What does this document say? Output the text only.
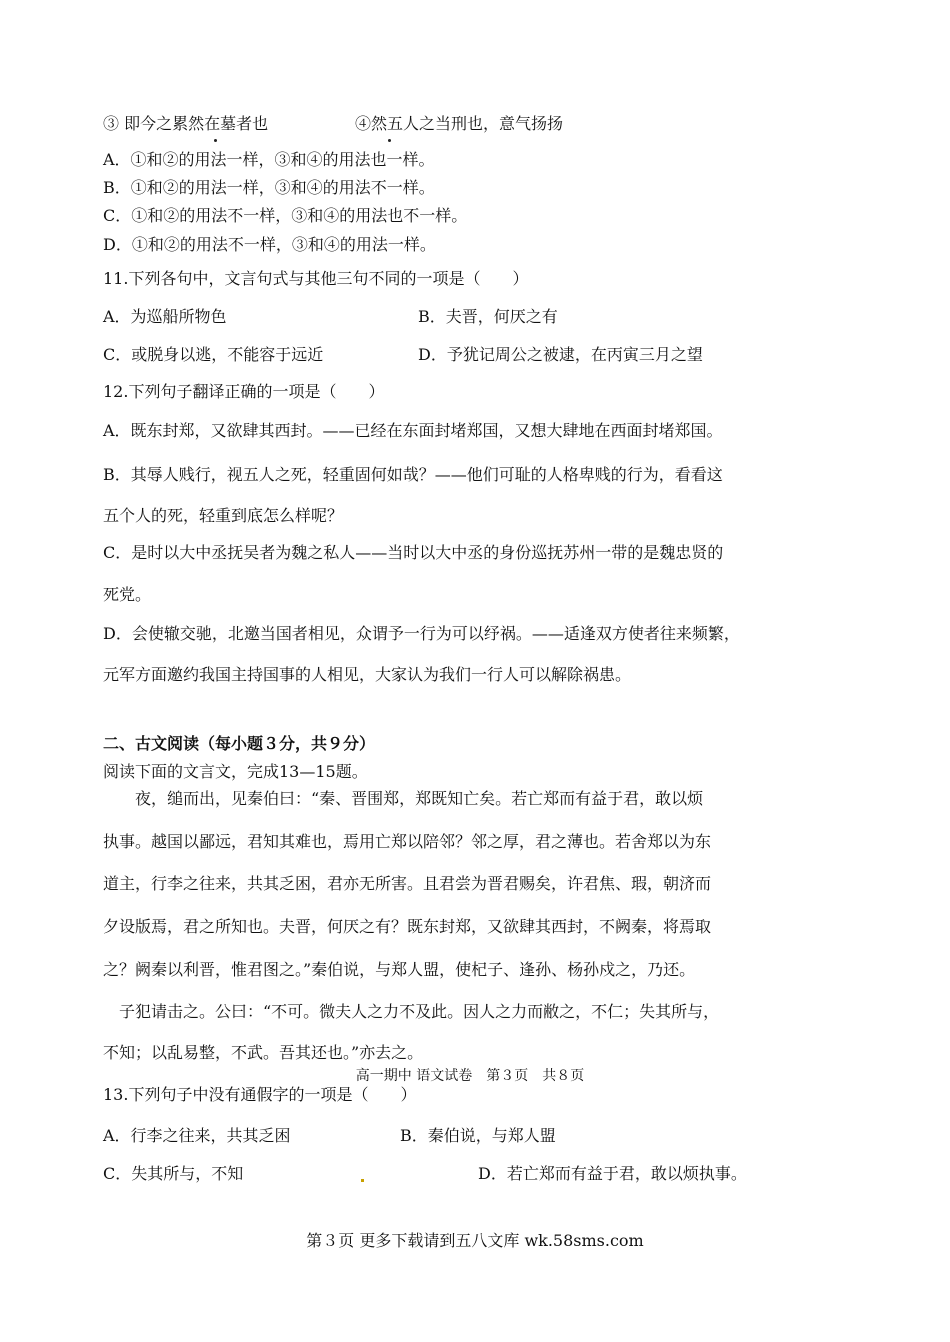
③ 即今之累然在墓者也	④然五人之当刑也，意气扬扬
A．①和②的用法一样，③和④的用法也一样。
B．①和②的用法一样，③和④的用法不一样。
C．①和②的用法不一样，③和④的用法也不一样。
D．①和②的用法不一样，③和④的用法一样。
11.下列各句中，文言句式与其他三句不同的一项是（　　）
A．为巡船所物色	B．夫晋，何厌之有
C．或脱身以逃，不能容于远近	D．予犹记周公之被逮，在丙寅三月之望
12.下列句子翻译正确的一项是（　　）
A．既东封郑，又欲肆其西封。——已经在东面封堵郑国，又想大肆地在西面封堵郑国。
B．其辱人贱行，视五人之死，轻重固何如哉？——他们可耻的人格卑贱的行为，看看这
五个人的死，轻重到底怎么样呢？
C．是时以大中丞抚吴者为魏之私人——当时以大中丞的身份巡抚苏州一带的是魏忠贤的
死党。
D．会使辙交驰，北邀当国者相见，众谓予一行为可以纾祸。——适逢双方使者往来频繁，
元军方面邀约我国主持国事的人相见，大家认为我们一行人可以解除祸患。
二、古文阅读（每小题３分，共９分）
阅读下面的文言文，完成13—15题。
　　夜，缒而出，见秦伯曰：“秦、晋围郑，郑既知亡矣。若亡郑而有益于君，敢以烦
执事。越国以鄙远，君知其难也，焉用亡郑以陪邻？邻之厚，君之薄也。若舍郑以为东
道主，行李之往来，共其乏困，君亦无所害。且君尝为晋君赐矣，许君焦、瑕，朝济而
夕设版焉，君之所知也。夫晋，何厌之有？既东封郑，又欲肆其西封，不阙秦，将焉取
之？阙秦以利晋，惟君图之。”秦伯说，与郑人盟，使杞子、逢孙、杨孙戍之，乃还。
　子犯请击之。公曰：“不可。微夫人之力不及此。因人之力而敝之，不仁；失其所与，
不知；以乱易整，不武。吾其还也。”亦去之。
高一期中 语文试卷　第３页　共８页
13.下列句子中没有通假字的一项是（　　）
A．行李之往来，共其乏困	B．秦伯说，与郑人盟
C．失其所与，不知	D．若亡郑而有益于君，敢以烦执事。
第３页 更多下载请到五八文库 wk.58sms.com
